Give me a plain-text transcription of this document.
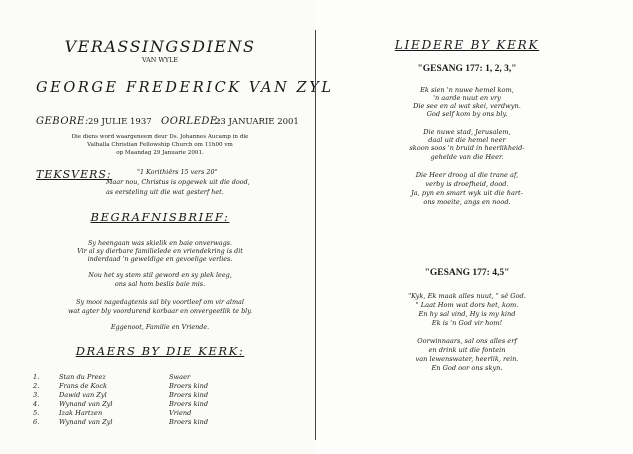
VERASSINGSDIENS
VAN WYLE
GEORGE FREDERICK VAN ZYL
GEBORE: 29 JULIE 1937 OORLEDE:
23 JANUARIE 2001
Die diens word waargeneem deur Ds. Johannes Aucamp in die
Valhalla Christian Fellowship Church om 11h00 vm
op Maandag 29 Januarie 2001.
TEKSVERS:	"1 Korithiërs 15 vers 20"
Maar nou, Christus is opgewek uit die dood,
as eersteling uit die wat gesterf het.
BEGRAFNISBRIEF:
Sy heengaan was skielik en baie onverwags.
Vir al sy dierbare familielede en vriendekring is dit
inderdaad 'n geweldige en gevoelige verlies.
Nou het sy stem stil geword en sy plek leeg,
ons sal hom beslis baie mis.
Sy mooi nagedagtenis sal bly voortleef om vir almal
wat agter bly voordurend korbaar en onvergeetlik te bly.
Eggenoot, Familie en Vriende.
DRAERS BY DIE KERK:
1.	Stan du Preez	Swaer
2.	Frans de Kock	Broers kind
3.	Dawid van Zyl	Broers kind
4.	Wynand van Zyl	Broers kind
5.	Izak Hartzen	Vriend
6.	Wynand van Zyl	Broers kind
LIEDERE BY KERK
"GESANG 177: 1, 2, 3,"
Ek sien 'n nuwe hemel kom,
'n aarde nuut en vry
Die see en al wat skei, verdwyn.
God self kom by ons bly.
Die nuwe stad, Jerusalem,
daal uit die hemel neer
skoon soos 'n bruid in heerlikheid-
gehelde van die Heer.
Die Heer droog al die trane af,
verby is droefheid, dood.
Ja, pyn en smart wyk uit die hart-
ons moeite, angs en nood.
"GESANG 177: 4,5"
"Kyk, Ek maak alles nuut, " sê God.
" Laat Hom wat dors het, kom.
En hy sal vind, Hy is my kind
Ek is 'n God vir hom!
Oorwinnaars, sal ons alles erf
en drink uit die fontein
van lewenswater, heerlik, rein.
En God oor ons skyn.
